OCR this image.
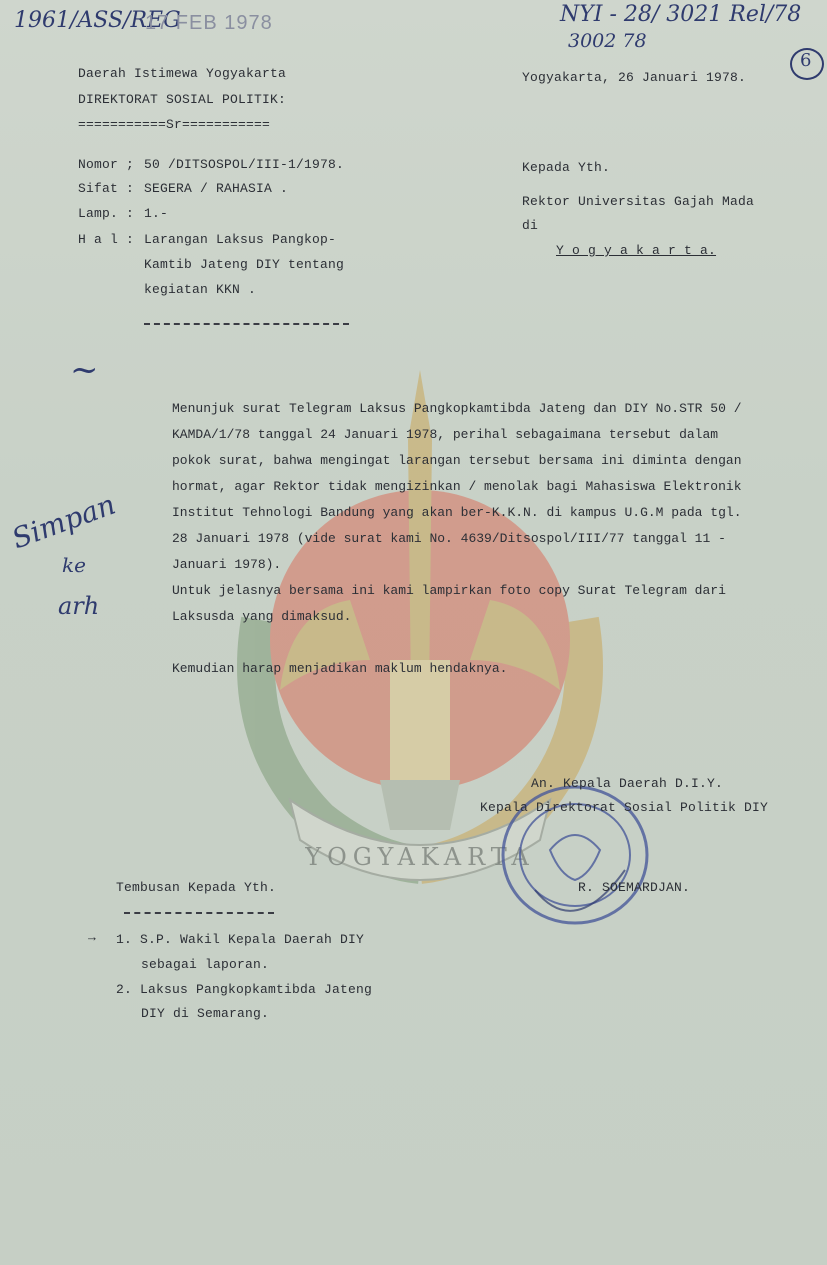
YOGYAKARTA
1961/ASS/REG
17 FEB 1978	NYI - 28/ 3021 Rel/78
3002 78
6
Daerah Istimewa Yogyakarta
DIREKTORAT SOSIAL POLITIK:
===========Sr===========
Yogyakarta, 26 Januari 1978.
Nomor ; 50 /DITSOSPOL/III-1/1978.
Sifat : SEGERA / RAHASIA .
Lamp. : 1.-
H a l : Larangan Laksus Pangkop-
Kamtib Jateng DIY tentang
kegiatan KKN .
Kepada Yth.
Rektor Universitas Gajah Mada
di
Y o g y a k a r t a.
~
Simpan
ke
arh

Menunjuk surat Telegram Laksus Pangkopkamtibda Jateng dan DIY No.STR 50 /

KAMDA/1/78 tanggal 24 Januari 1978, perihal sebagaimana tersebut dalam

pokok surat, bahwa mengingat larangan tersebut bersama ini diminta dengan

hormat, agar Rektor tidak mengizinkan / menolak bagi Mahasiswa Elektronik

Institut Tehnologi Bandung yang akan ber-K.K.N. di kampus U.G.M pada tgl.

28 Januari 1978 (vide surat kami No. 4639/Ditsospol/III/77 tanggal 11 -

Januari 1978).

Untuk jelasnya bersama ini kami lampirkan foto copy Surat Telegram dari

Laksusda yang dimaksud.

Kemudian harap menjadikan maklum hendaknya.

An. Kepala Daerah D.I.Y.
Kepala Direktorat Sosial Politik DIY
R. SOEMARDJAN.
Tembusan Kepada Yth.
→ 1. S.P. Wakil Kepala Daerah DIY
sebagai laporan.
2. Laksus Pangkopkamtibda Jateng
DIY di Semarang.
